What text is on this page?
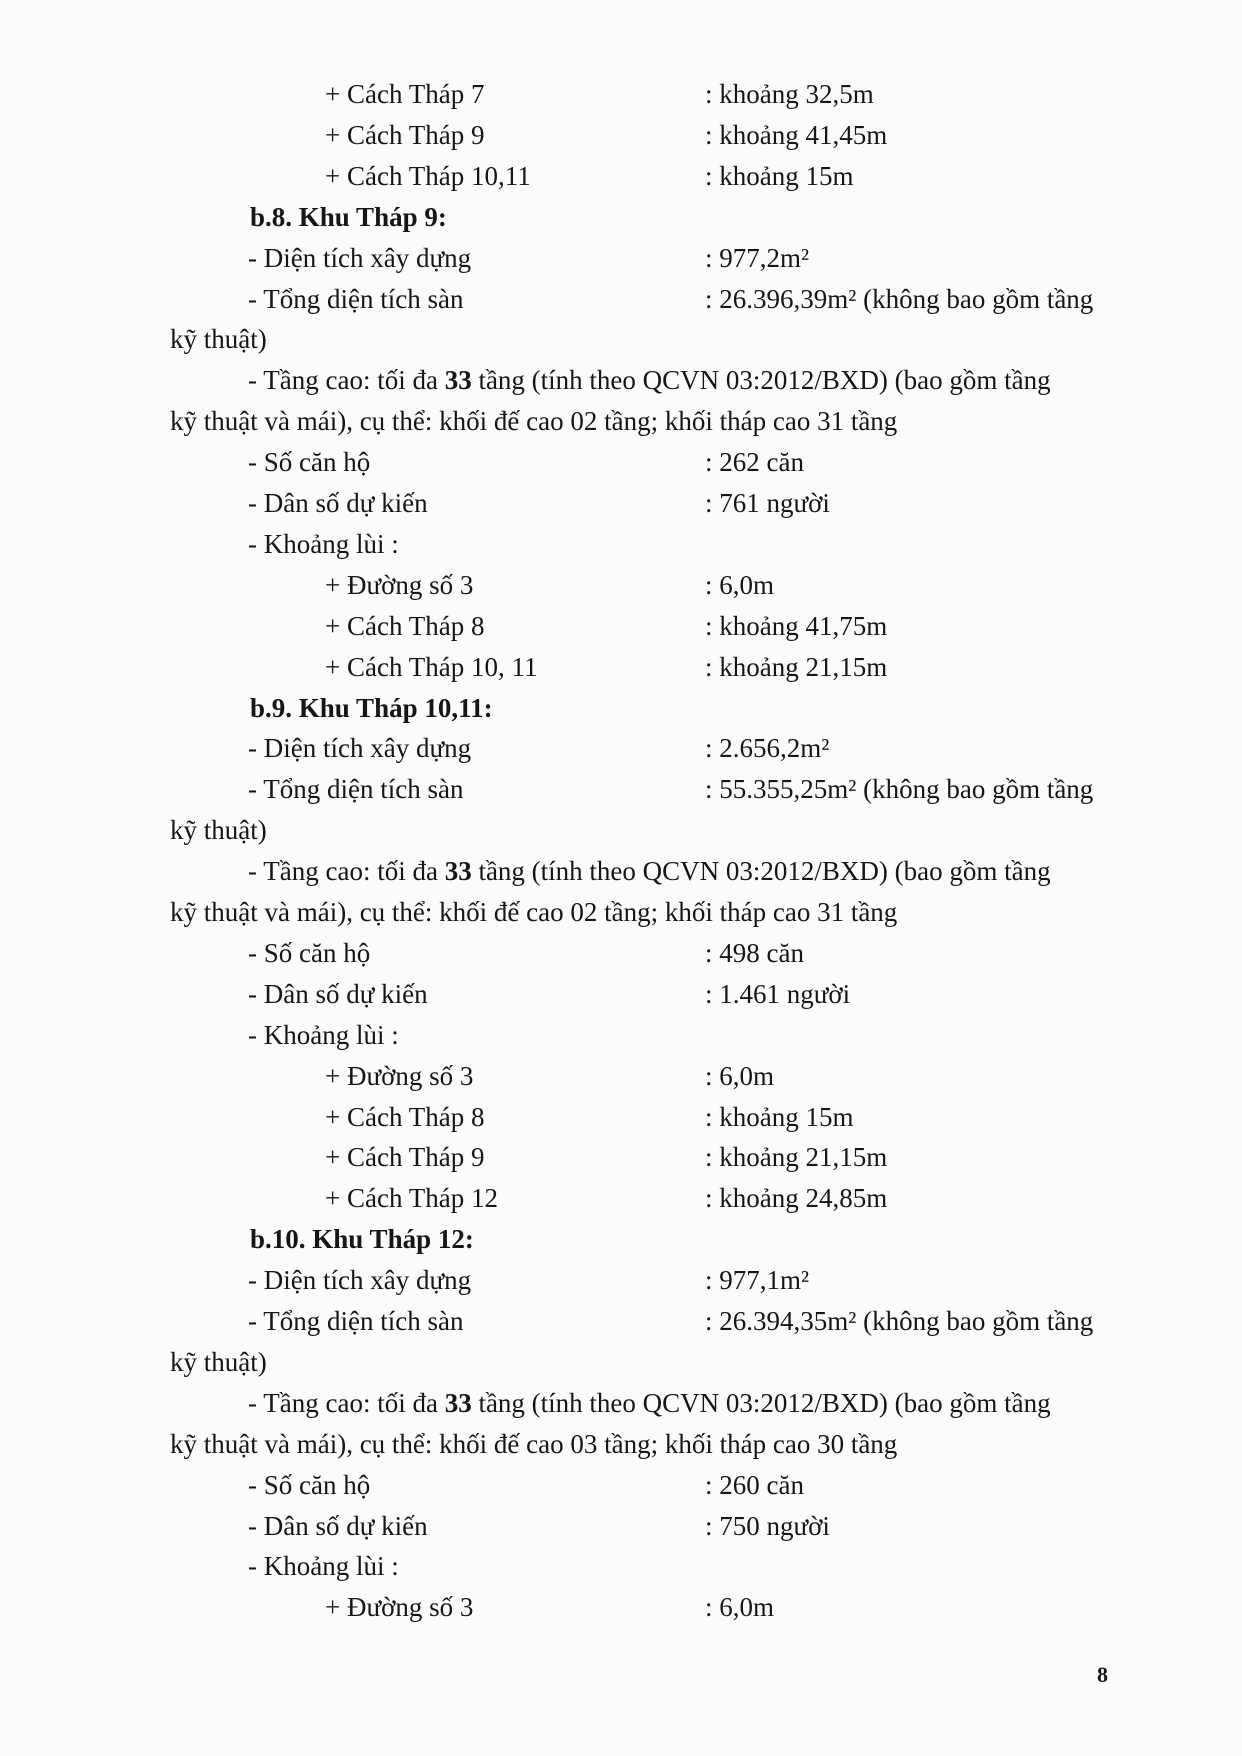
+ Cách Tháp 7	: khoảng 32,5m
+ Cách Tháp 9	: khoảng 41,45m
+ Cách Tháp 10,11	: khoảng 15m
b.8. Khu Tháp 9:
- Diện tích xây dựng	: 977,2m²
- Tổng diện tích sàn	: 26.396,39m² (không bao gồm tầng
kỹ thuật)
- Tầng cao: tối đa 33 tầng (tính theo QCVN 03:2012/BXD) (bao gồm tầng
kỹ thuật và mái), cụ thể: khối đế cao 02 tầng; khối tháp cao 31 tầng
- Số căn hộ	: 262 căn
- Dân số dự kiến	: 761 người
- Khoảng lùi :
+ Đường số 3	: 6,0m
+ Cách Tháp 8	: khoảng 41,75m
+ Cách Tháp 10, 11	: khoảng 21,15m
b.9. Khu Tháp 10,11:
- Diện tích xây dựng	: 2.656,2m²
- Tổng diện tích sàn	: 55.355,25m² (không bao gồm tầng
kỹ thuật)
- Tầng cao: tối đa 33 tầng (tính theo QCVN 03:2012/BXD) (bao gồm tầng
kỹ thuật và mái), cụ thể: khối đế cao 02 tầng; khối tháp cao 31 tầng
- Số căn hộ	: 498 căn
- Dân số dự kiến	: 1.461 người
- Khoảng lùi :
+ Đường số 3	: 6,0m
+ Cách Tháp 8	: khoảng 15m
+ Cách Tháp 9	: khoảng 21,15m
+ Cách Tháp 12	: khoảng 24,85m
b.10. Khu Tháp 12:
- Diện tích xây dựng	: 977,1m²
- Tổng diện tích sàn	: 26.394,35m² (không bao gồm tầng
kỹ thuật)
- Tầng cao: tối đa 33 tầng (tính theo QCVN 03:2012/BXD) (bao gồm tầng
kỹ thuật và mái), cụ thể: khối đế cao 03 tầng; khối tháp cao 30 tầng
- Số căn hộ	: 260 căn
- Dân số dự kiến	: 750 người
- Khoảng lùi :
+ Đường số 3	: 6,0m
8
